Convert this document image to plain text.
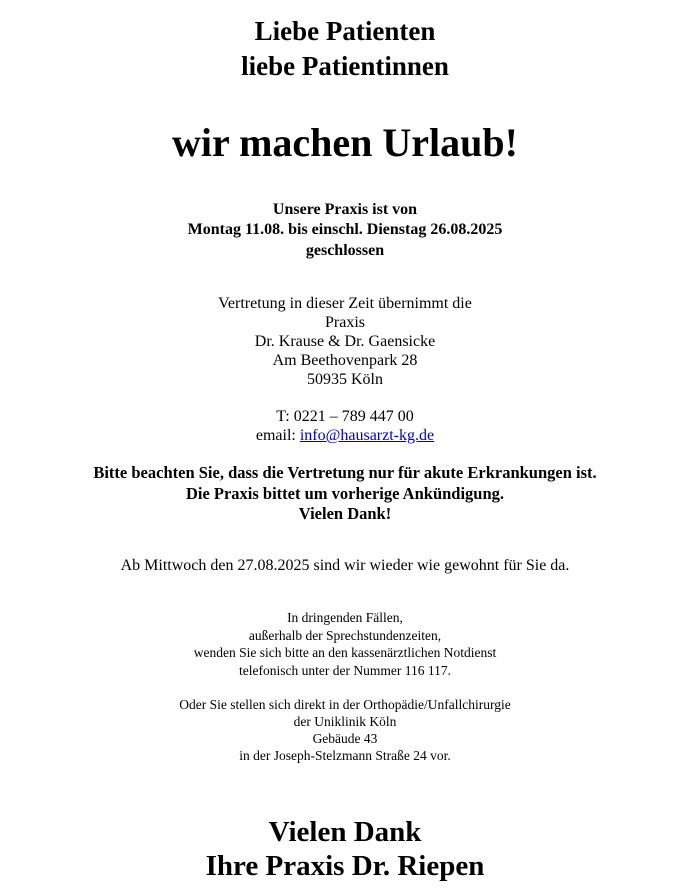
Liebe Patienten
liebe Patientinnen
wir machen Urlaub!
Unsere Praxis ist von
Montag 11.08. bis einschl. Dienstag 26.08.2025
geschlossen
Vertretung in dieser Zeit übernimmt die
Praxis
Dr. Krause & Dr. Gaensicke
Am Beethovenpark 28
50935 Köln
T: 0221 – 789 447 00
email: info@hausarzt-kg.de
Bitte beachten Sie, dass die Vertretung nur für akute Erkrankungen ist.
Die Praxis bittet um vorherige Ankündigung.
Vielen Dank!
Ab Mittwoch den 27.08.2025 sind wir wieder wie gewohnt für Sie da.
In dringenden Fällen,
außerhalb der Sprechstundenzeiten,
wenden Sie sich bitte an den kassenärztlichen Notdienst
telefonisch unter der Nummer 116 117.
Oder Sie stellen sich direkt in der Orthopädie/Unfallchirurgie
der Uniklinik Köln
Gebäude 43
in der Joseph-Stelzmann Straße 24 vor.
Vielen Dank
Ihre Praxis Dr. Riepen
